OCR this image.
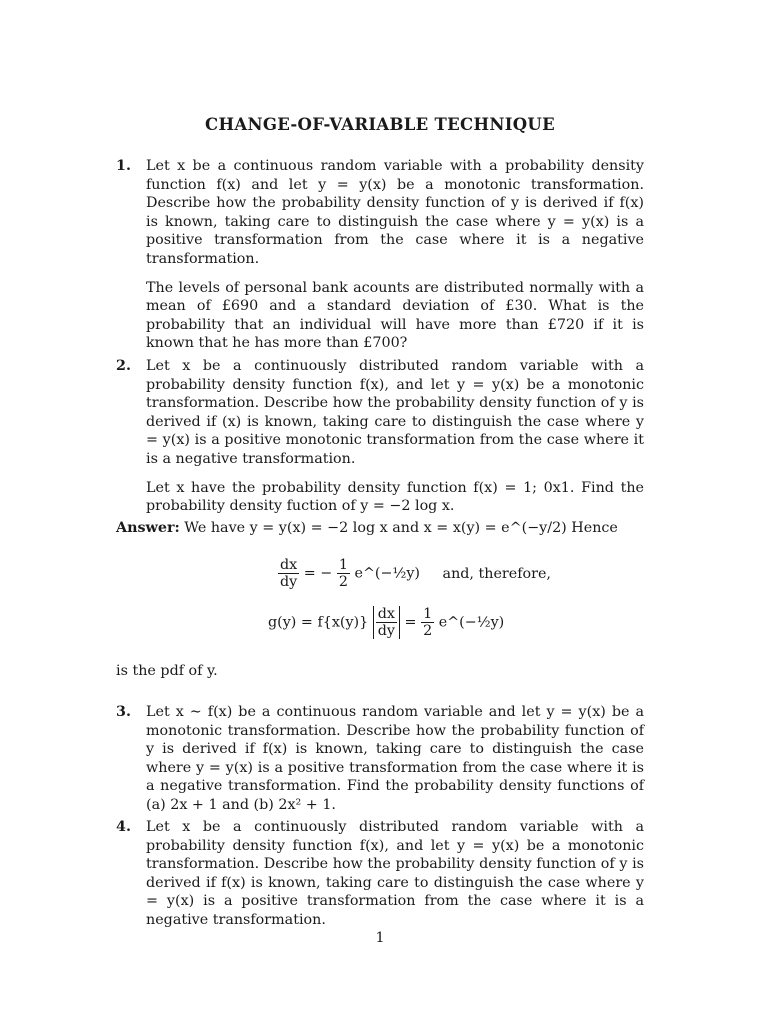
CHANGE-OF-VARIABLE TECHNIQUE
1.	Let x be a continuous random variable with a probability density function f(x) and let y = y(x) be a monotonic transformation. Describe how the probability density function of y is derived if f(x) is known, taking care to distinguish the case where y = y(x) is a positive transformation from the case where it is a negative transformation.

The levels of personal bank acounts are distributed normally with a mean of £690 and a standard deviation of £30. What is the probability that an individual will have more than £720 if it is known that he has more than £700?

2.	Let x be a continuously distributed random variable with a probability density function f(x), and let y = y(x) be a monotonic transformation. Describe how the probability density function of y is derived if (x) is known, taking care to distinguish the case where y = y(x) is a positive monotonic transformation from the case where it is a negative transformation.

Let x have the probability density function f(x) = 1; 0x1. Find the probability density fuction of y = −2 log x.

Answer: We have y = y(x) = −2 log x and x = x(y) = e^(−y/2) Hence
$\frac{dx}{dy}$ = − $\frac{1}{2}$ e^(−½y) and, therefore,
$g(y) = f\{x(y)\} \frac{dx}{dy} = \frac{1}{2}$ e^(−½y)
is the pdf of y.
3.	Let x ∼ f(x) be a continuous random variable and let y = y(x) be a monotonic transformation. Describe how the probability function of y is derived if f(x) is known, taking care to distinguish the case where y = y(x) is a positive transformation from the case where it is a negative transformation. Find the probability density functions of (a) 2x + 1 and (b) 2x² + 1.

4.	Let x be a continuously distributed random variable with a probability density function f(x), and let y = y(x) be a monotonic transformation. Describe how the probability density function of y is derived if f(x) is known, taking care to distinguish the case where y = y(x) is a positive transformation from the case where it is a negative transformation.

1
